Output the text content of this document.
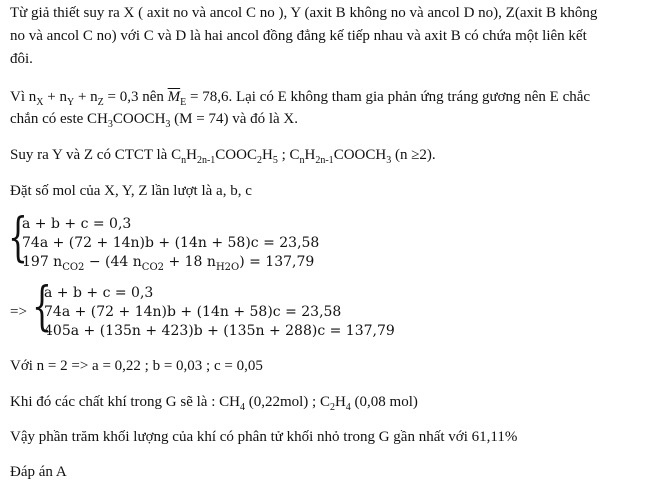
Từ giả thiết suy ra X ( axit no và ancol C no ), Y (axit B không no và ancol D no), Z(axit B không
no và ancol C no) với C và D là hai ancol đồng đẳng kế tiếp nhau và axit B có chứa một liên kết
đôi.
Vì $n_X + n_Y + n_Z = 0,3$ nên $\overline{M}_E = 78,6$. Lại có E không tham gia phản ứng tráng gương nên E chắc
chắn có este $CH_3COOCH_3$ (M = 74) và đó là X.
Suy ra Y và Z có CTCT là $C_nH_{2n-1}COOC_2H_5$ ; $C_nH_{2n-1}COOCH_3$ (n ≥2).
Đặt số mol của X, Y, Z lần lượt là a, b, c
{
a + b + c = 0,3
74a + (72 + 14n)b + (14n + 58)c = 23,58
197 $n_{CO2} - (44$ $n_{CO2} + 18$ $n_{H2O}) = 137,79$
=> {
a + b + c = 0,3
74a + (72 + 14n)b + (14n + 58)c = 23,58
405a + (135n + 423)b + (135n + 288)c = 137,79
Với n = 2 => a = 0,22 ; b = 0,03 ; c = 0,05
Khi đó các chất khí trong G sẽ là : $CH_4$ (0,22mol) ; $C_2H_4$ (0,08 mol)
Vậy phần trăm khối lượng của khí có phân tử khối nhỏ trong G gần nhất với 61,11%
Đáp án A
